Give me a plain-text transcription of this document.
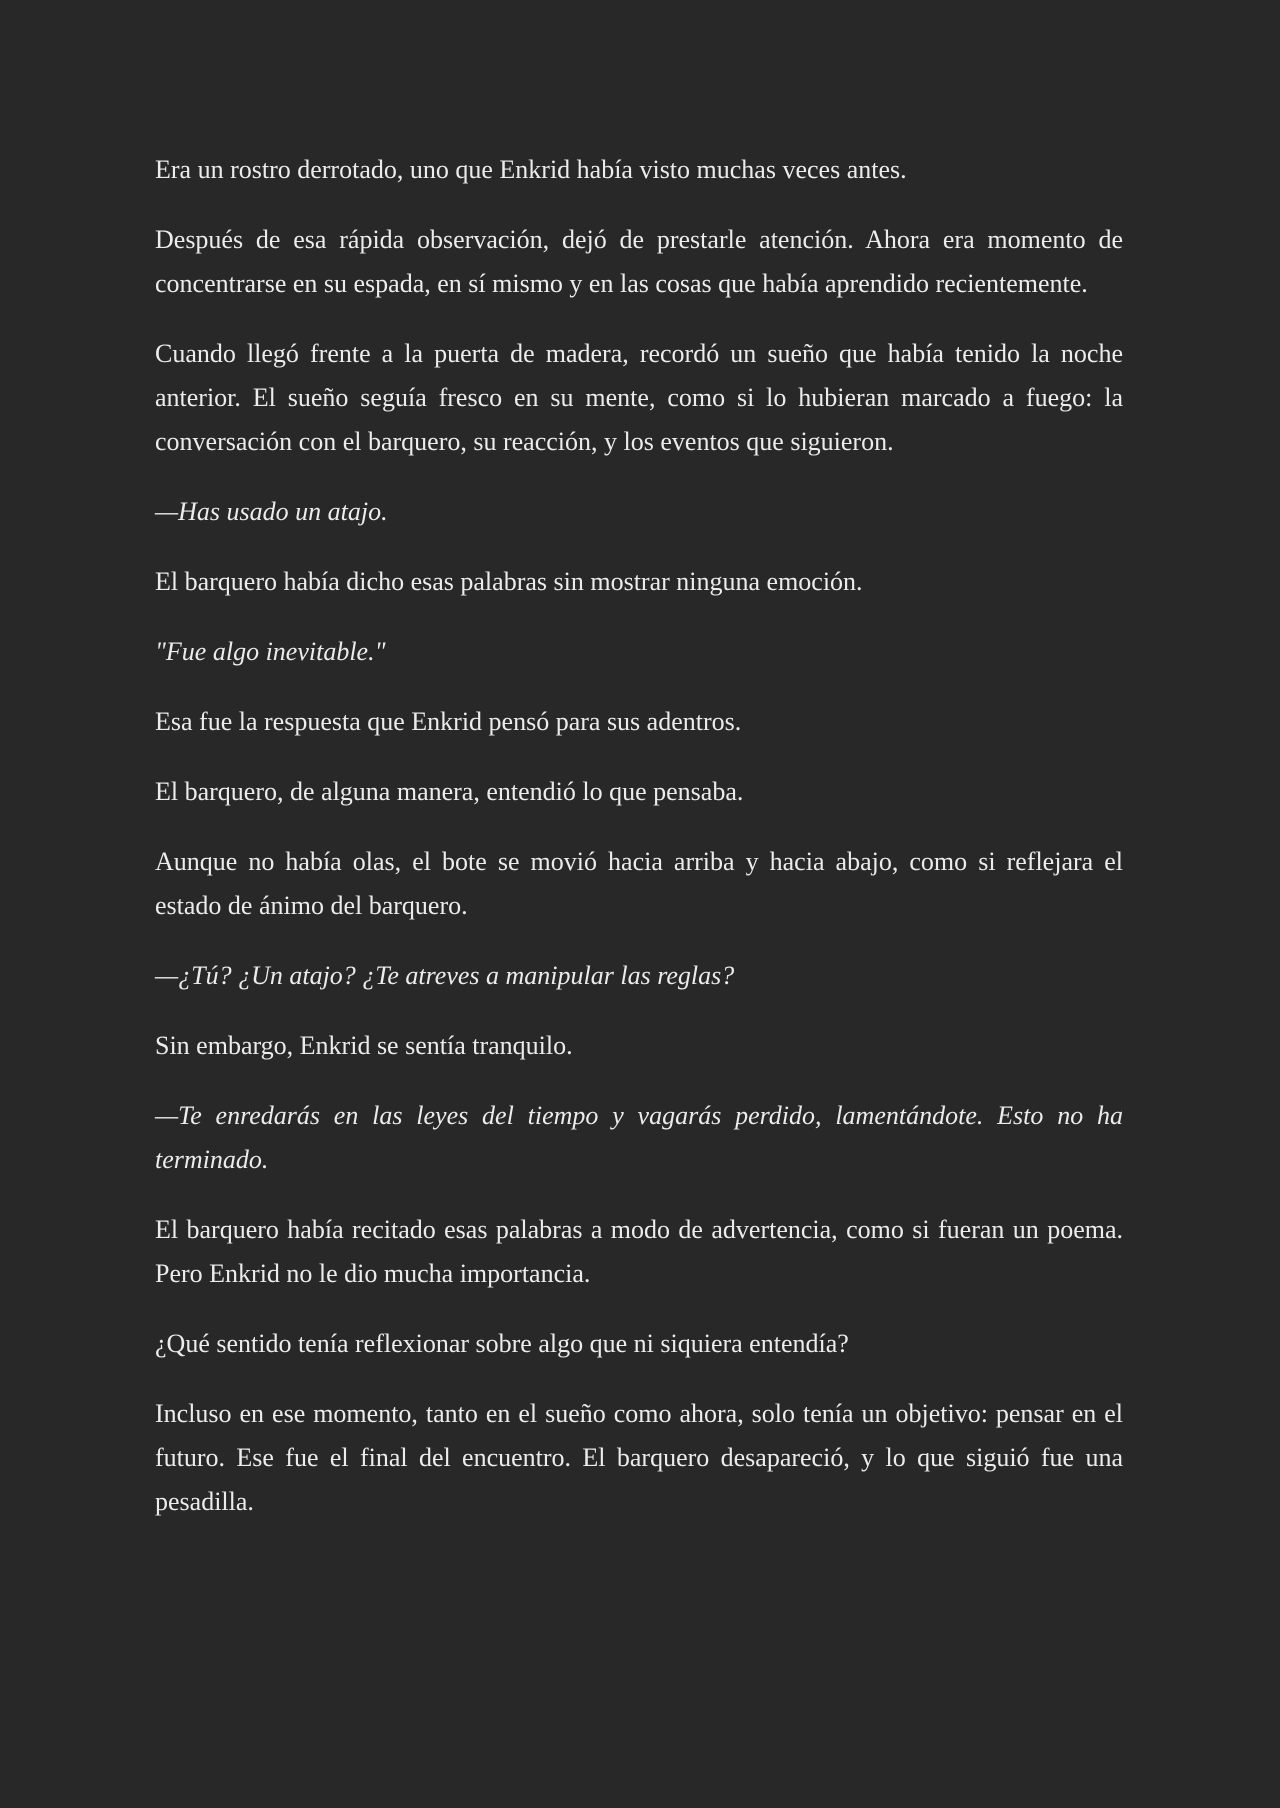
Era un rostro derrotado, uno que Enkrid había visto muchas veces antes.

Después de esa rápida observación, dejó de prestarle atención. Ahora era momento de concentrarse en su espada, en sí mismo y en las cosas que había aprendido recientemente.

Cuando llegó frente a la puerta de madera, recordó un sueño que había tenido la noche anterior. El sueño seguía fresco en su mente, como si lo hubieran marcado a fuego: la conversación con el barquero, su reacción, y los eventos que siguieron.

—Has usado un atajo.

El barquero había dicho esas palabras sin mostrar ninguna emoción.

"Fue algo inevitable."

Esa fue la respuesta que Enkrid pensó para sus adentros.

El barquero, de alguna manera, entendió lo que pensaba.

Aunque no había olas, el bote se movió hacia arriba y hacia abajo, como si reflejara el estado de ánimo del barquero.

—¿Tú? ¿Un atajo? ¿Te atreves a manipular las reglas?

Sin embargo, Enkrid se sentía tranquilo.

—Te enredarás en las leyes del tiempo y vagarás perdido, lamentándote. Esto no ha terminado.

El barquero había recitado esas palabras a modo de advertencia, como si fueran un poema. Pero Enkrid no le dio mucha importancia.

¿Qué sentido tenía reflexionar sobre algo que ni siquiera entendía?

Incluso en ese momento, tanto en el sueño como ahora, solo tenía un objetivo: pensar en el futuro. Ese fue el final del encuentro. El barquero desapareció, y lo que siguió fue una pesadilla.
